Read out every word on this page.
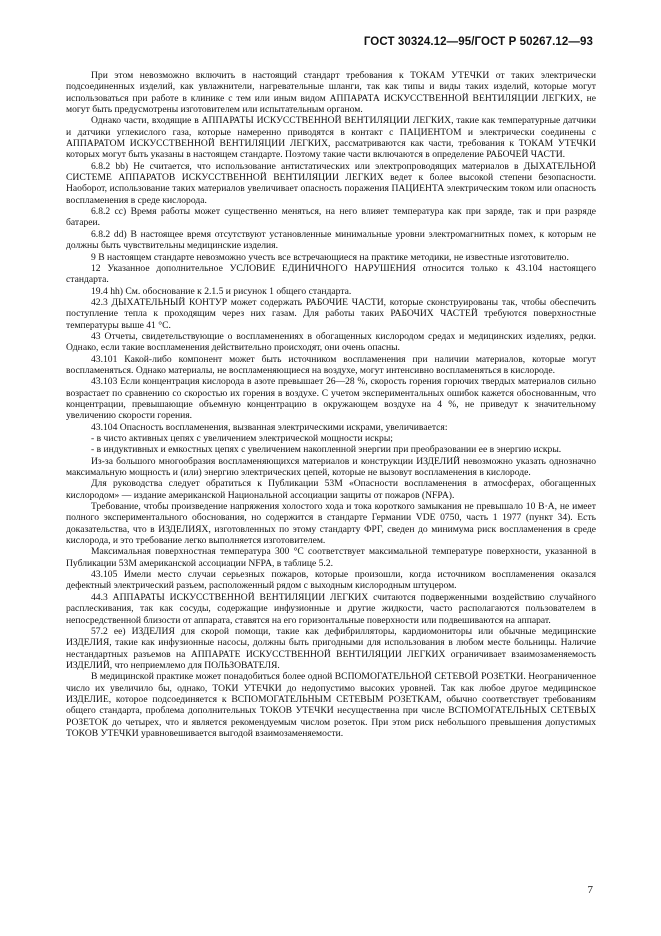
ГОСТ 30324.12—95/ГОСТ Р 50267.12—93

При этом невозможно включить в настоящий стандарт требования к ТОКАМ УТЕЧКИ от таких электрически подсоединенных изделий, как увлажнители, нагревательные шланги, так как типы и виды таких изделий, которые могут использоваться при работе в клинике с тем или иным видом АППАРАТА ИСКУССТВЕННОЙ ВЕНТИЛЯЦИИ ЛЕГКИХ, не могут быть предусмотрены изготовителем или испытательным органом.

Однако части, входящие в АППАРАТЫ ИСКУССТВЕННОЙ ВЕНТИЛЯЦИИ ЛЕГКИХ, такие как температурные датчики и датчики углекислого газа, которые намеренно приводятся в контакт с ПАЦИЕНТОМ и электрически соединены с АППАРАТОМ ИСКУССТВЕННОЙ ВЕНТИЛЯЦИИ ЛЕГКИХ, рассматриваются как части, требования к ТОКАМ УТЕЧКИ которых могут быть указаны в настоящем стандарте. Поэтому такие части включаются в определение РАБОЧЕЙ ЧАСТИ.

6.8.2 bb) Не считается, что использование антистатических или электропроводящих материалов в ДЫХАТЕЛЬНОЙ СИСТЕМЕ АППАРАТОВ ИСКУССТВЕННОЙ ВЕНТИЛЯЦИИ ЛЕГКИХ ведет к более высокой степени безопасности. Наоборот, использование таких материалов увеличивает опасность поражения ПАЦИЕНТА электрическим током или опасность воспламенения в среде кислорода.

6.8.2 cc) Время работы может существенно меняться, на него влияет температура как при заряде, так и при разряде батареи.

6.8.2 dd) В настоящее время отсутствуют установленные минимальные уровни электромагнитных помех, к которым не должны быть чувствительны медицинские изделия.

9 В настоящем стандарте невозможно учесть все встречающиеся на практике методики, не известные изготовителю.

12 Указанное дополнительное УСЛОВИЕ ЕДИНИЧНОГО НАРУШЕНИЯ относится только к 43.104 настоящего стандарта.

19.4 hh) См. обоснование к 2.1.5 и рисунок 1 общего стандарта.

42.3 ДЫХАТЕЛЬНЫЙ КОНТУР может содержать РАБОЧИЕ ЧАСТИ, которые сконструированы так, чтобы обеспечить поступление тепла к проходящим через них газам. Для работы таких РАБОЧИХ ЧАСТЕЙ требуются поверхностные температуры выше 41 °С.

43 Отчеты, свидетельствующие о воспламенениях в обогащенных кислородом средах и медицинских изделиях, редки. Однако, если такие воспламенения действительно происходят, они очень опасны.

43.101 Какой-либо компонент может быть источником воспламенения при наличии материалов, которые могут воспламеняться. Однако материалы, не воспламеняющиеся на воздухе, могут интенсивно воспламеняться в кислороде.

43.103 Если концентрация кислорода в азоте превышает 26—28 %, скорость горения горючих твердых материалов сильно возрастает по сравнению со скоростью их горения в воздухе. С учетом экспериментальных ошибок кажется обоснованным, что концентрации, превышающие объемную концентрацию в окружающем воздухе на 4 %, не приведут к значительному увеличению скорости горения.

43.104 Опасность воспламенения, вызванная электрическими искрами, увеличивается:

- в чисто активных цепях с увеличением электрической мощности искры;

- в индуктивных и емкостных цепях с увеличением накопленной энергии при преобразовании ее в энергию искры.

Из-за большого многообразия воспламеняющихся материалов и конструкции ИЗДЕЛИЙ невозможно указать однозначно максимальную мощность и (или) энергию электрических цепей, которые не вызовут воспламенения в кислороде.

Для руководства следует обратиться к Публикации 53М «Опасности воспламенения в атмосферах, обогащенных кислородом» — издание американской Национальной ассоциации защиты от пожаров (NFPA).

Требование, чтобы произведение напряжения холостого хода и тока короткого замыкания не превышало 10 В·А, не имеет полного экспериментального обоснования, но содержится в стандарте Германии VDE 0750, часть 1 1977 (пункт 34). Есть доказательства, что в ИЗДЕЛИЯХ, изготовленных по этому стандарту ФРГ, сведен до минимума риск воспламенения в среде кислорода, и это требование легко выполняется изготовителем.

Максимальная поверхностная температура 300 °С соответствует максимальной температуре поверхности, указанной в Публикации 53М американской ассоциации NFPA, в таблице 5.2.

43.105 Имели место случаи серьезных пожаров, которые произошли, когда источником воспламенения оказался дефектный электрический разъем, расположенный рядом с выходным кислородным штуцером.

44.3 АППАРАТЫ ИСКУССТВЕННОЙ ВЕНТИЛЯЦИИ ЛЕГКИХ считаются подверженными воздействию случайного расплескивания, так как сосуды, содержащие инфузионные и другие жидкости, часто располагаются пользователем в непосредственной близости от аппарата, ставятся на его горизонтальные поверхности или подвешиваются на аппарат.

57.2 ee) ИЗДЕЛИЯ для скорой помощи, такие как дефибрилляторы, кардиомониторы или обычные медицинские ИЗДЕЛИЯ, такие как инфузионные насосы, должны быть пригодными для использования в любом месте больницы. Наличие нестандартных разъемов на АППАРАТЕ ИСКУССТВЕННОЙ ВЕНТИЛЯЦИИ ЛЕГКИХ ограничивает взаимозаменяемость ИЗДЕЛИЙ, что неприемлемо для ПОЛЬЗОВАТЕЛЯ.

В медицинской практике может понадобиться более одной ВСПОМОГАТЕЛЬНОЙ СЕТЕВОЙ РОЗЕТКИ. Неограниченное число их увеличило бы, однако, ТОКИ УТЕЧКИ до недопустимо высоких уровней. Так как любое другое медицинское ИЗДЕЛИЕ, которое подсоединяется к ВСПОМОГАТЕЛЬНЫМ СЕТЕВЫМ РОЗЕТКАМ, обычно соответствует требованиям общего стандарта, проблема дополнительных ТОКОВ УТЕЧКИ несущественна при числе ВСПОМОГАТЕЛЬНЫХ СЕТЕВЫХ РОЗЕТОК до четырех, что и является рекомендуемым числом розеток. При этом риск небольшого превышения допустимых ТОКОВ УТЕЧКИ уравновешивается выгодой взаимозаменяемости.

7
